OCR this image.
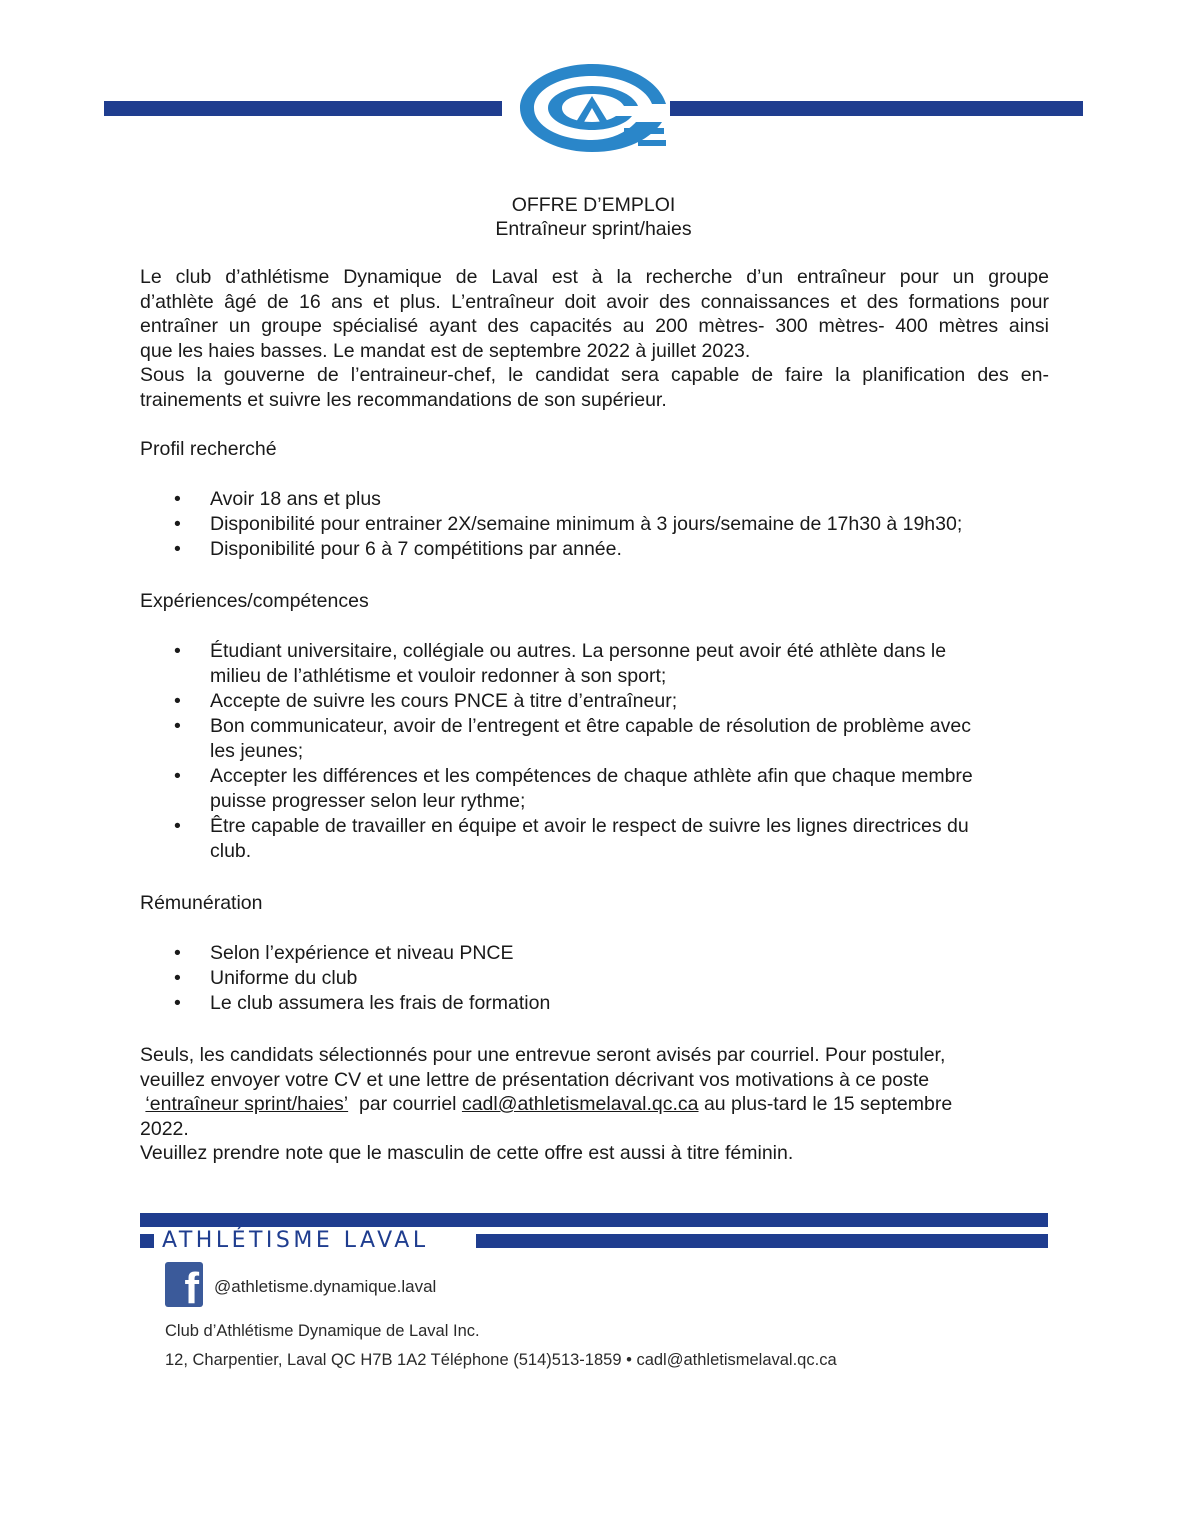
OFFRE D’EMPLOI
Entraîneur sprint/haies
Le club d’athlétisme Dynamique de Laval est à la recherche d’un entraîneur pour un groupe
d’athlète âgé de 16 ans et plus. L’entraîneur doit avoir des connaissances et des formations pour
entraîner un groupe spécialisé ayant des capacités au 200 mètres- 300 mètres- 400 mètres ainsi
que les haies basses. Le mandat est de septembre 2022 à juillet 2023.
Sous la gouverne de l’entraineur-chef, le candidat sera capable de faire la planification des en-
trainements et suivre les recommandations de son supérieur.
Profil recherché
• Avoir 18 ans et plus
• Disponibilité pour entrainer 2X/semaine minimum à 3 jours/semaine de 17h30 à 19h30;
• Disponibilité pour 6 à 7 compétitions par année.
Expériences/compétences
• Étudiant universitaire, collégiale ou autres. La personne peut avoir été athlète dans le
milieu de l’athlétisme et vouloir redonner à son sport;
• Accepte de suivre les cours PNCE à titre d’entraîneur;
• Bon communicateur, avoir de l’entregent et être capable de résolution de problème avec
les jeunes;
• Accepter les différences et les compétences de chaque athlète afin que chaque membre
puisse progresser selon leur rythme;
• Être capable de travailler en équipe et avoir le respect de suivre les lignes directrices du
club.
Rémunération
• Selon l’expérience et niveau PNCE
• Uniforme du club
• Le club assumera les frais de formation
Seuls, les candidats sélectionnés pour une entrevue seront avisés par courriel. Pour postuler,
veuillez envoyer votre CV et une lettre de présentation décrivant vos motivations à ce poste
‘entraîneur sprint/haies’ par courriel cadl@athletismelaval.qc.ca au plus-tard le 15 septembre
2022.
Veuillez prendre note que le masculin de cette offre est aussi à titre féminin.
ATHLÉTISME LAVAL
f @athletisme.dynamique.laval
Club d’Athlétisme Dynamique de Laval Inc.
12, Charpentier, Laval QC H7B 1A2 Téléphone (514)513-1859 • cadl@athletismelaval.qc.ca
